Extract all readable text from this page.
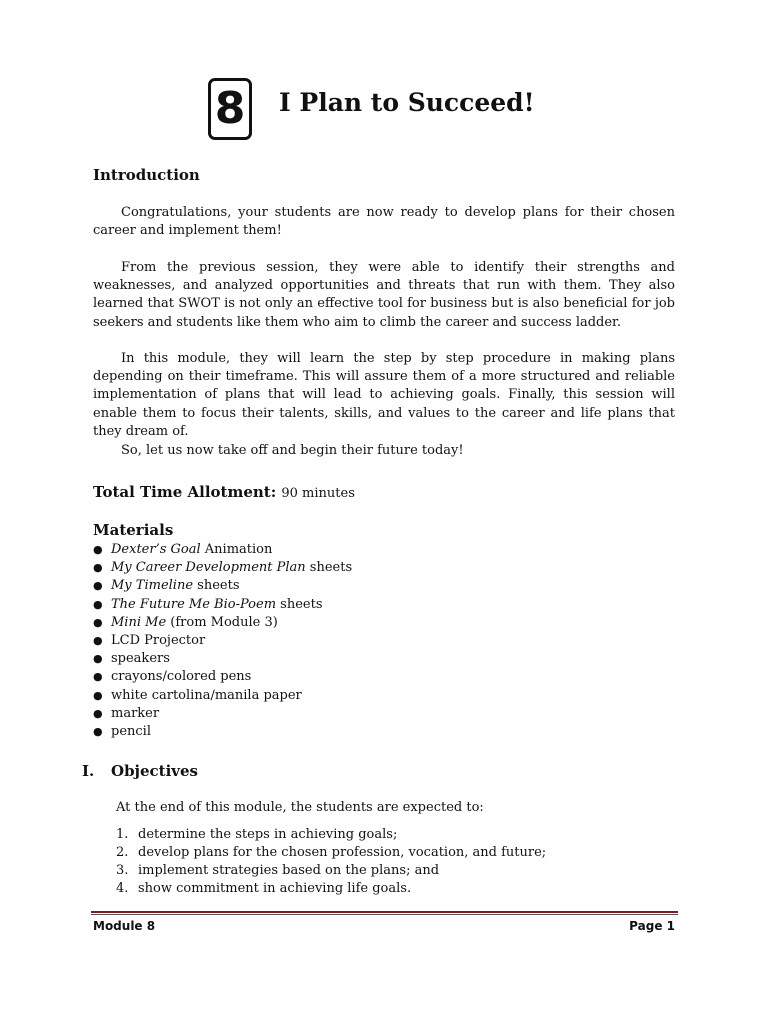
8 I Plan to Succeed!
Introduction

Congratulations, your students are now ready to develop plans for their chosen career and implement them!

From the previous session, they were able to identify their strengths and weaknesses, and analyzed opportunities and threats that run with them. They also learned that SWOT is not only an effective tool for business but is also beneficial for job seekers and students like them who aim to climb the career and success ladder.

In this module, they will learn the step by step procedure in making plans depending on their timeframe. This will assure them of a more structured and reliable implementation of plans that will lead to achieving goals. Finally, this session will enable them to focus their talents, skills, and values to the career and life plans that they dream of.

So, let us now take off and begin their future today!

Total Time Allotment: 90 minutes

Materials
● Dexter’s Goal Animation
● My Career Development Plan sheets
● My Timeline sheets
● The Future Me Bio-Poem sheets
● Mini Me (from Module 3)
● LCD Projector
● speakers
● crayons/colored pens
● white cartolina/manila paper
● marker
● pencil
I. Objectives

At the end of this module, the students are expected to:

1. determine the steps in achieving goals;
2. develop plans for the chosen profession, vocation, and future;
3. implement strategies based on the plans; and
4. show commitment in achieving life goals.

Module 8	Page 1
